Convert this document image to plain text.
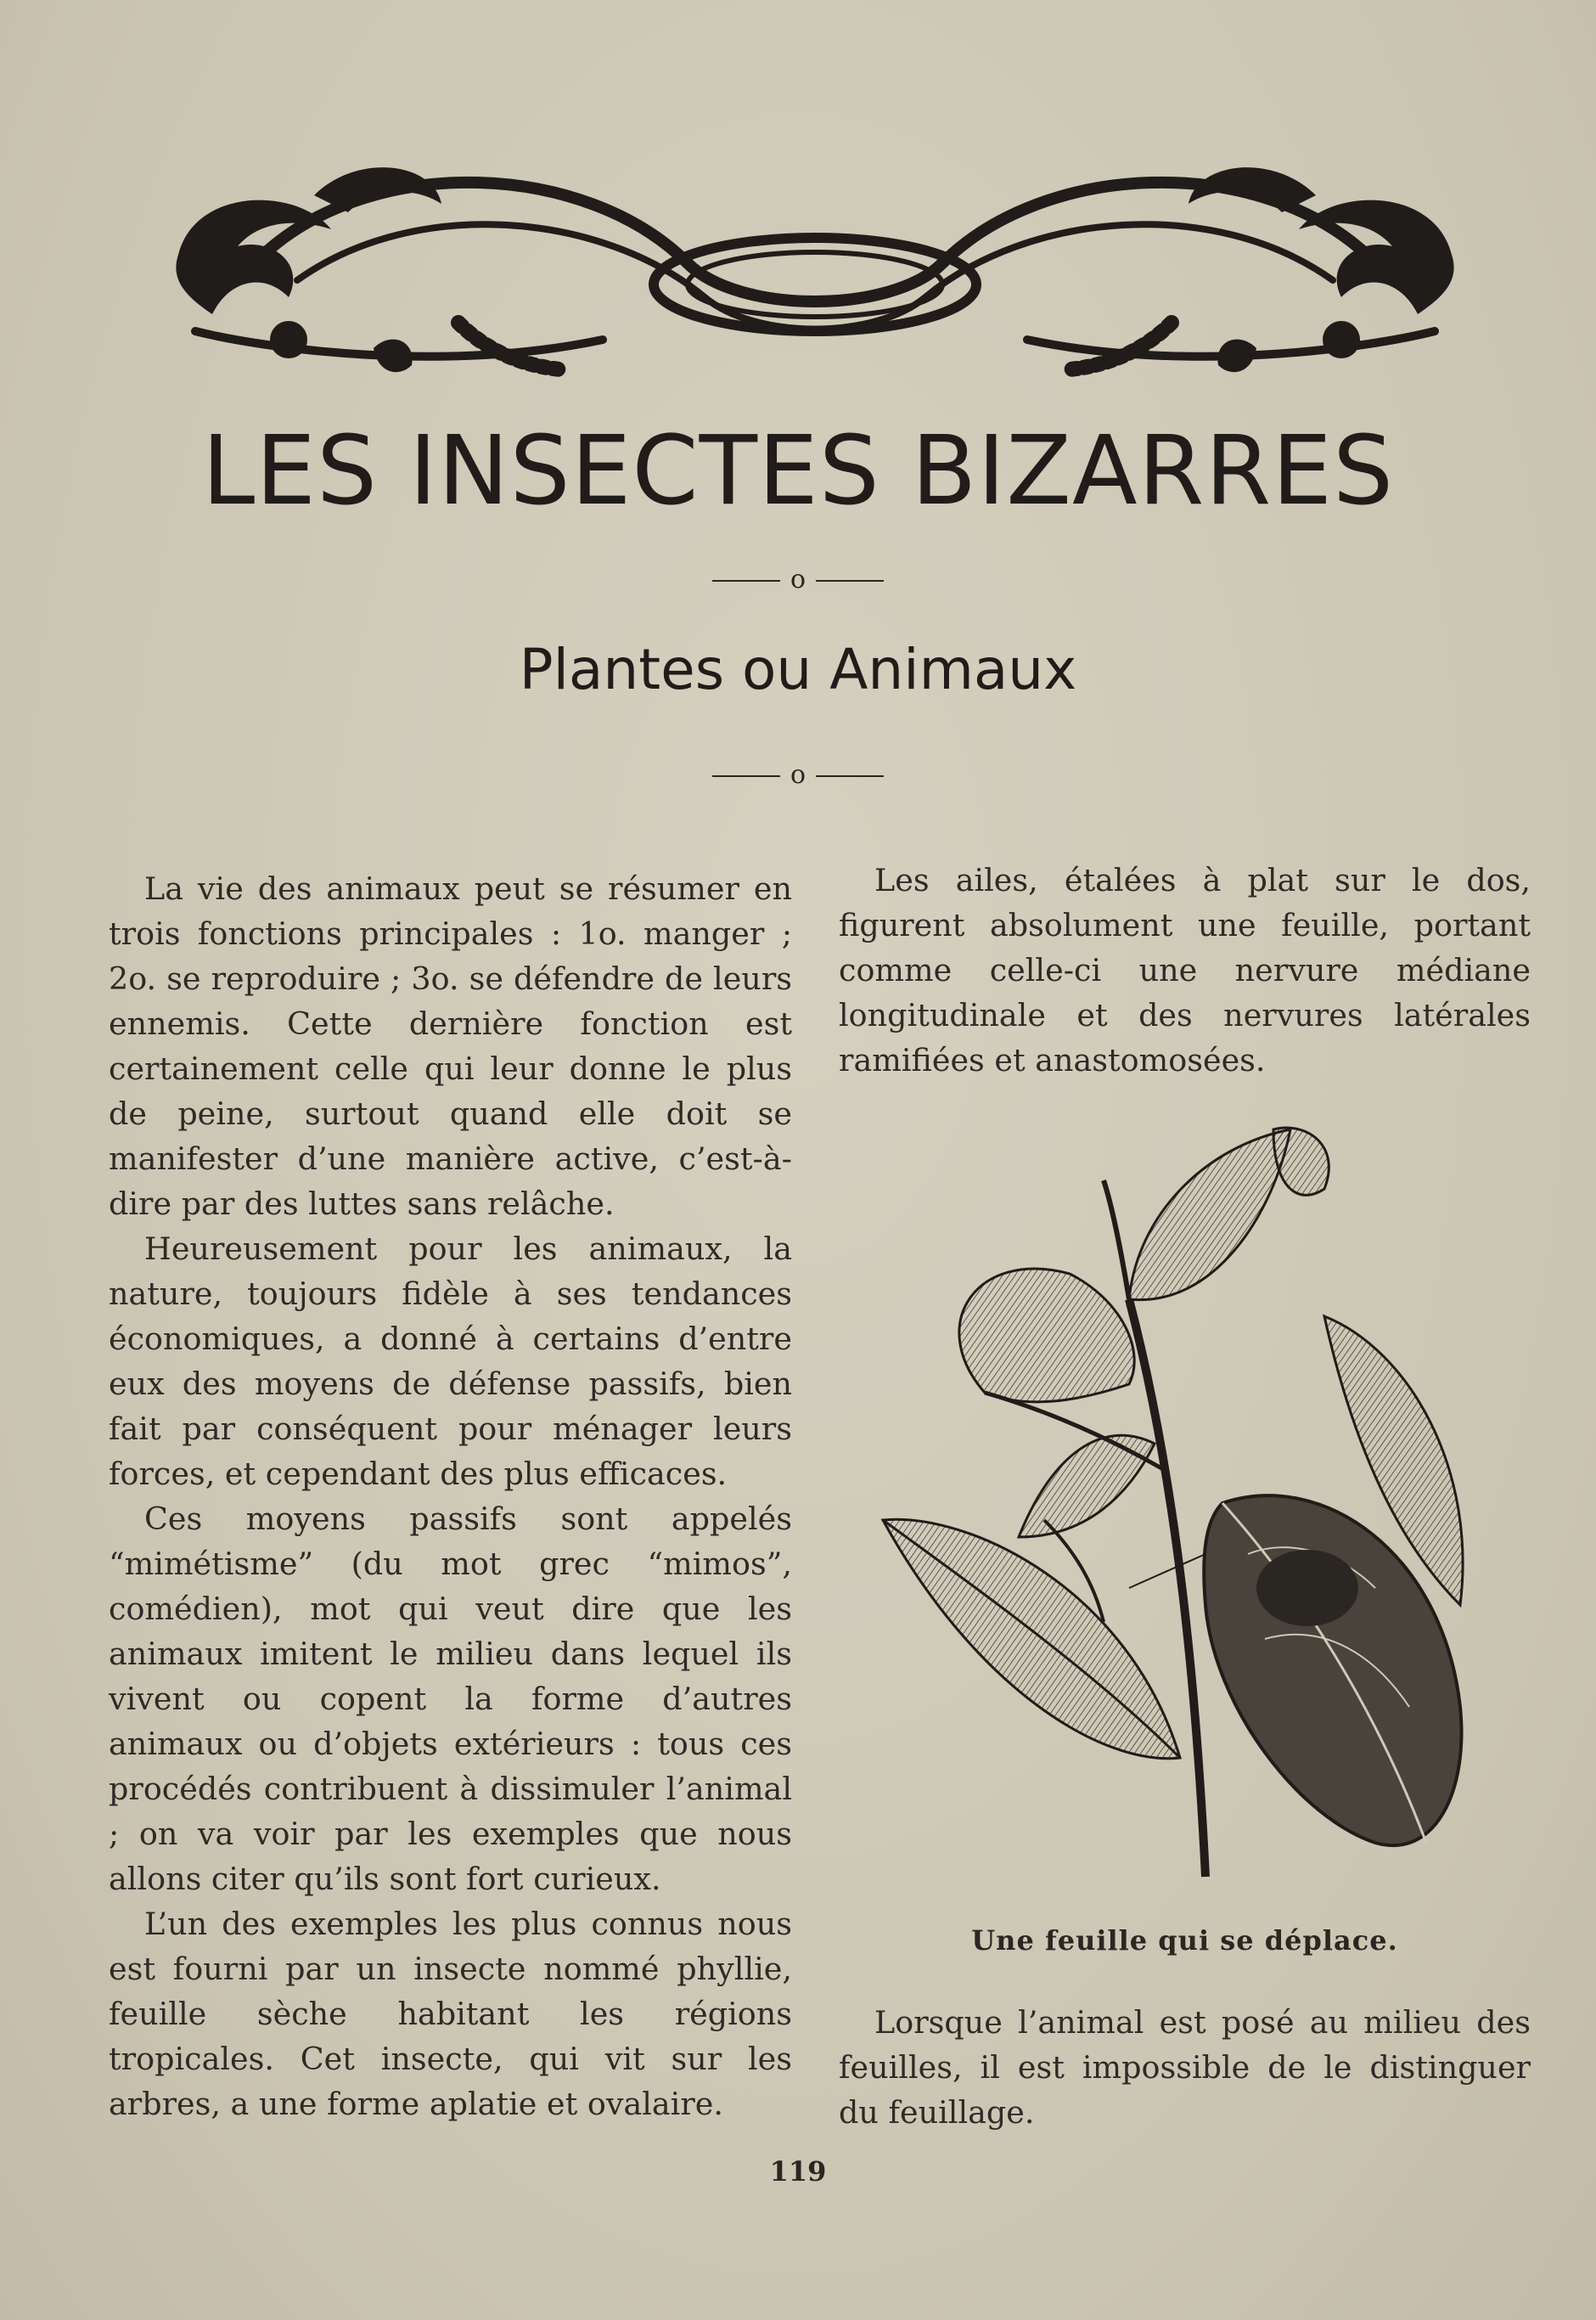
LES INSECTES BIZARRES
o
Plantes ou Animaux
o

La vie des animaux peut se résumer en trois fonctions principales : 1o. manger ; 2o. se reproduire ; 3o. se défendre de leurs ennemis. Cette dernière fonction est certainement celle qui leur donne le plus de peine, surtout quand elle doit se manifester d’une manière active, c’est-à-dire par des luttes sans relâche.

Heureusement pour les animaux, la nature, toujours fidèle à ses tendances économiques, a donné à certains d’entre eux des moyens de défense passifs, bien fait par conséquent pour ménager leurs forces, et cependant des plus efficaces.

Ces moyens passifs sont appelés “mimétisme” (du mot grec “mimos”, comédien), mot qui veut dire que les animaux imitent le milieu dans lequel ils vivent ou copent la forme d’autres animaux ou d’objets extérieurs : tous ces procédés contribuent à dissimuler l’animal ; on va voir par les exemples que nous allons citer qu’ils sont fort curieux.

L’un des exemples les plus connus nous est fourni par un insecte nommé phyllie, feuille sèche habitant les régions tropicales. Cet insecte, qui vit sur les arbres, a une forme aplatie et ovalaire.

Les ailes, étalées à plat sur le dos, figurent absolument une feuille, portant comme celle-ci une nervure médiane longitudinale et des nervures latérales ramifiées et anastomosées.

Une feuille qui se déplace.

Lorsque l’animal est posé au milieu des feuilles, il est impossible de le distinguer du feuillage.

119
